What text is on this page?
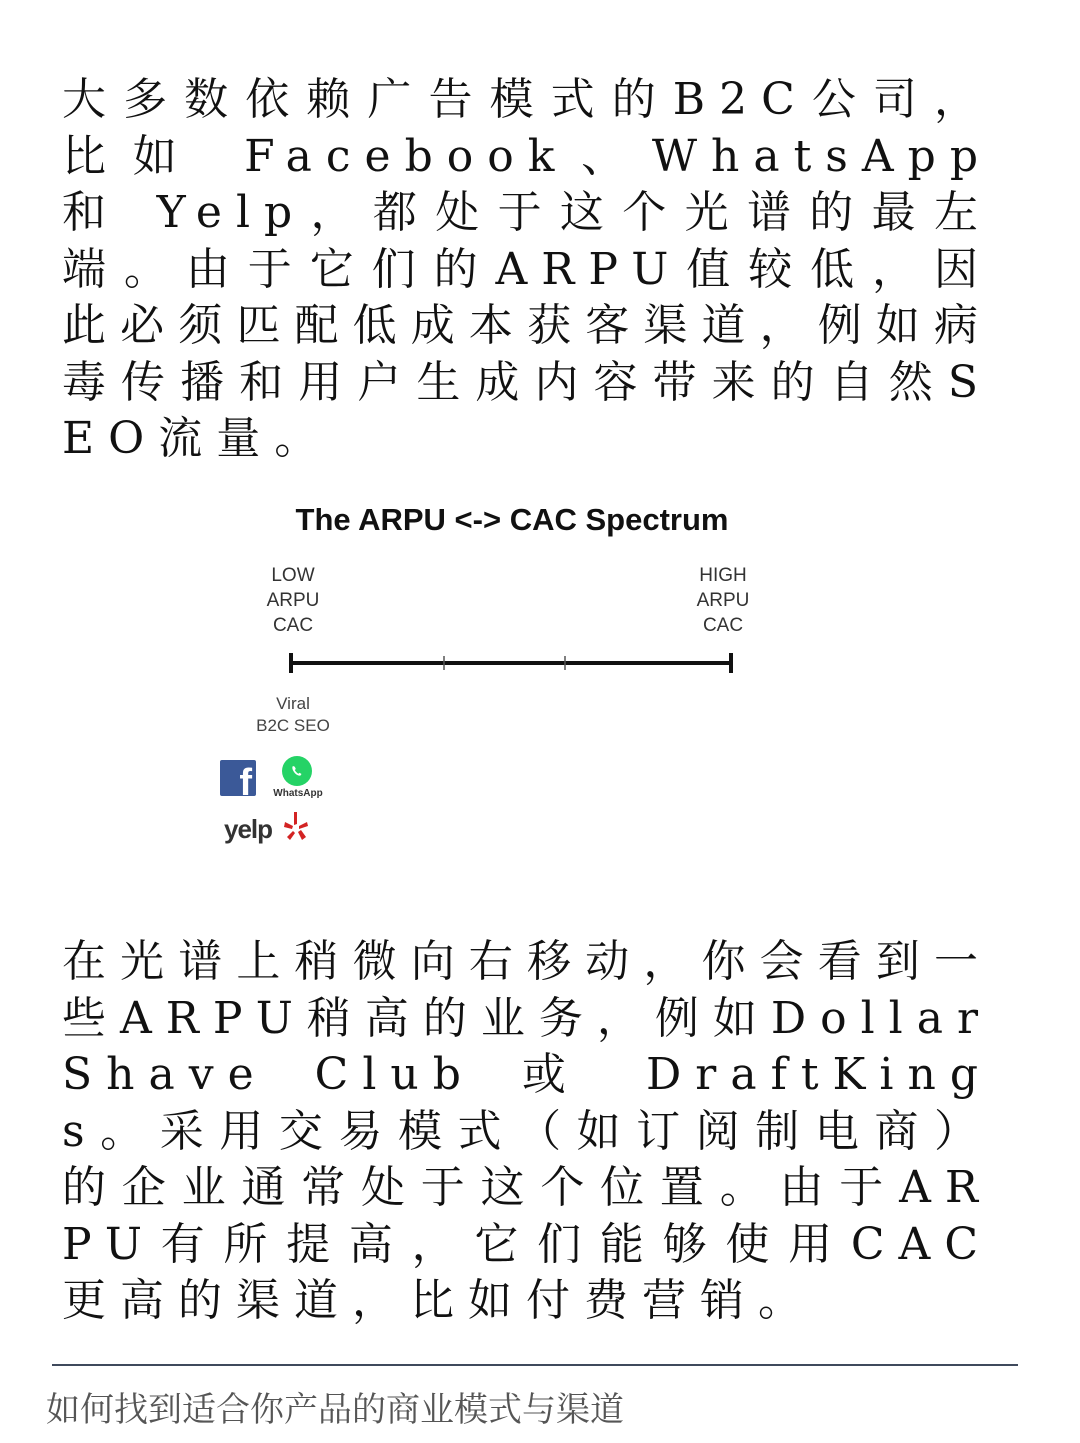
大多数依赖广告模式的B2C公司，比如 Facebook、WhatsApp 和 Yelp，都处于这个光谱的最左端。由于它们的ARPU值较低，因此必须匹配低成本获客渠道，例如病毒传播和用户生成内容带来的自然SEO流量。

The ARPU <-> CAC Spectrum
LOW
ARPU
CAC
HIGH
ARPU
CAC
Viral
B2C SEO
f	WhatsApp
yelp

在光谱上稍微向右移动，你会看到一些ARPU稍高的业务，例如Dollar Shave Club 或 DraftKings。采用交易模式（如订阅制电商）的企业通常处于这个位置。由于ARPU有所提高，它们能够使用CAC更高的渠道，比如付费营销。

如何找到适合你产品的商业模式与渠道
